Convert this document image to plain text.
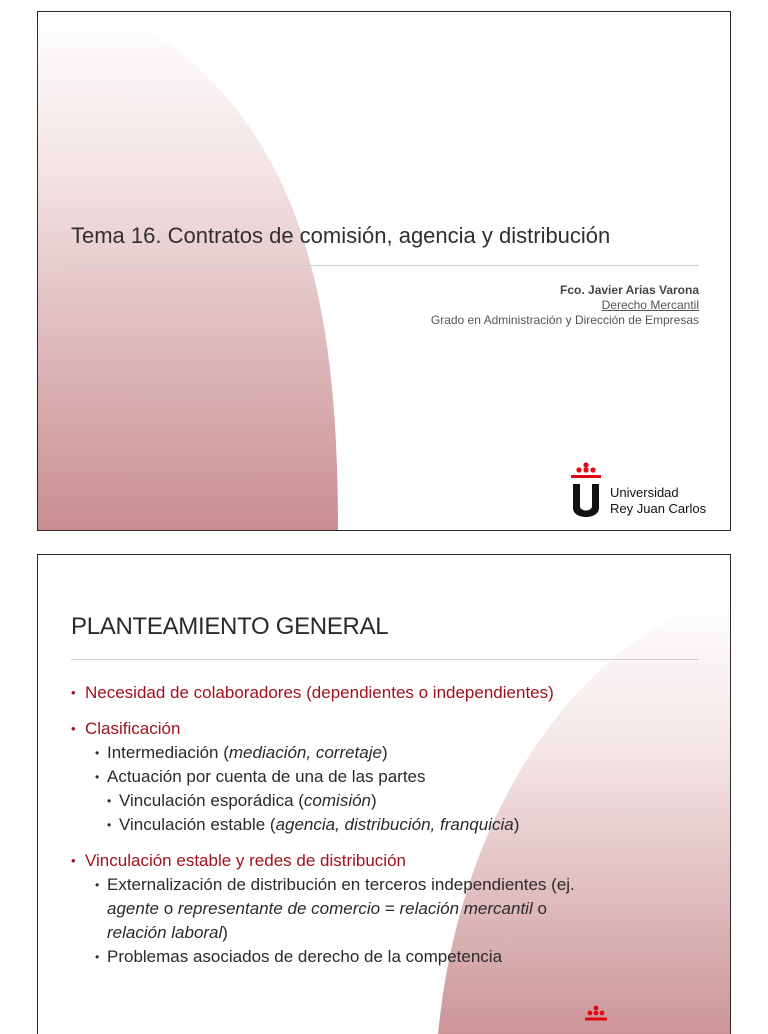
Tema 16. Contratos de comisión, agencia y distribución
Fco. Javier Arias Varona
Derecho Mercantil
Grado en Administración y Dirección de Empresas
Universidad
Rey Juan Carlos
PLANTEAMIENTO GENERAL
• Necesidad de colaboradores (dependientes o independientes)
• Clasificación
• Intermediación (mediación, corretaje)
• Actuación por cuenta de una de las partes
• Vinculación esporádica (comisión)
• Vinculación estable (agencia, distribución, franquicia)
• Vinculación estable y redes de distribución
• Externalización de distribución en terceros independientes (ej.
agente o representante de comercio = relación mercantil o
relación laboral)
• Problemas asociados de derecho de la competencia
